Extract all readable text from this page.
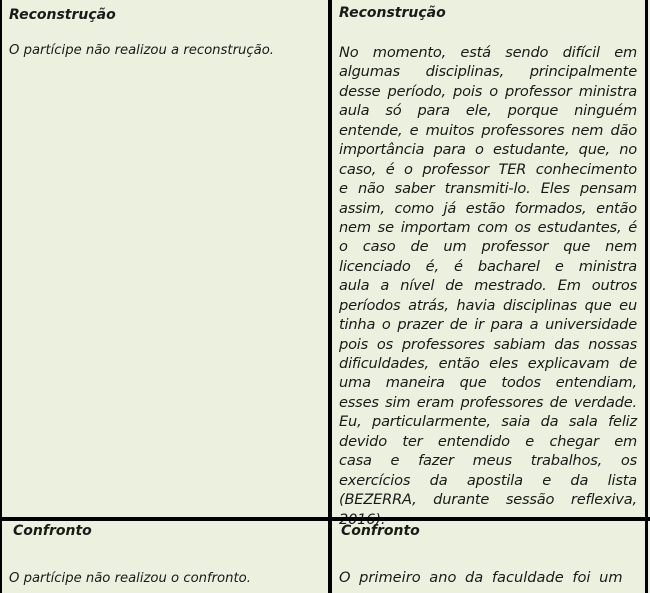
Reconstrução
O partícipe não realizou a reconstrução.
Reconstrução
No momento, está sendo difícil em
algumas disciplinas, principalmente
desse período, pois o professor ministra
aula só para ele, porque ninguém
entende, e muitos professores nem dão
importância para o estudante, que, no
caso, é o professor TER conhecimento
e não saber transmiti-lo. Eles pensam
assim, como já estão formados, então
nem se importam com os estudantes, é
o caso de um professor que nem
licenciado é, é bacharel e ministra
aula a nível de mestrado. Em outros
períodos atrás, havia disciplinas que eu
tinha o prazer de ir para a universidade
pois os professores sabiam das nossas
dificuldades, então eles explicavam de
uma maneira que todos entendiam,
esses sim eram professores de verdade.
Eu, particularmente, saia da sala feliz
devido ter entendido e chegar em
casa e fazer meus trabalhos, os
exercícios da apostila e da lista
(BEZERRA, durante sessão reflexiva,
Confronto
O partícipe não realizou o confronto.
Confronto
O primeiro ano da faculdade foi um
